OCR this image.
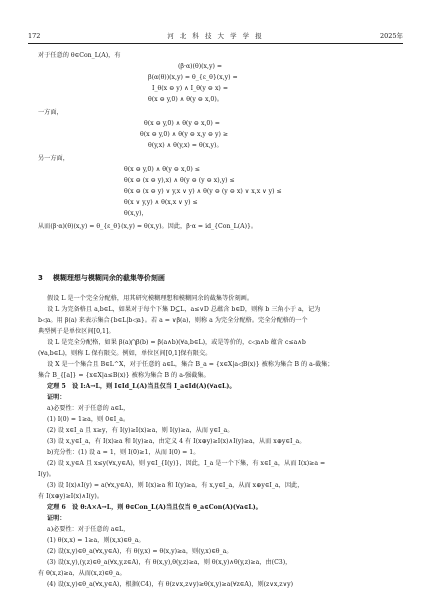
172	河 北 科 技 大 学 学 报	2025年
3 模糊理想与模糊同余的截集等价刻画
对于任意的 θ∈Con_L(A)，有
(β·α)(θ)(x,y) =
β(α(θ))(x,y) = θ_{ε_θ}(x,y) =
I_θ(x ⊖ y) ∧ I_θ(y ⊖ x) =
θ(x ⊖ y,0) ∧ θ(y ⊖ x,0)。
一方面，
θ(x ⊖ y,0) ∧ θ(y ⊖ x,0) =
θ(x ⊖ y,0) ∧ θ(y ⊖ x,y ⊖ y) ≥
θ(y,x) ∧ θ(y,x) = θ(x,y)。
另一方面，
θ(x ⊖ y,0) ∧ θ(y ⊖ x,0) ≤
θ(x ⊖ (x ⊖ y),x) ∧ θ(y ⊖ (y ⊖ x),y) ≤
θ(x ⊖ (x ⊖ y) ∨ y,x ∨ y) ∧ θ(y ⊖ (y ⊖ x) ∨ x,x ∨ y) ≤
θ(x ∨ y,y) ∧ θ(x,x ∨ y) ≤
θ(x,y)，
从而(β·α)(θ)(x,y) = θ_{ε_θ}(x,y) = θ(x,y)。因此，β·α = id_{Con_L(A)}。
假设 L 是一个完全分配格，用其研究模糊理想和模糊同余的截集等价刻画。
设 L 为完备格且 a,b∈L，如果对于每个下集 D⊆L，a≤∨D 总蕴含 b∈D，则称 b 三角小于 a，记为
b◁a。用 β(a) 来表示集合{b∈L|b◁a}。若 a = ∨β(a)，则称 a 为完全分配格。完全分配格的一个
典型例子是单位区间[0,1]。
设 L 是完全分配格，如果 β(a)⋂β(b) = β(a∧b)(∀a,b∈L)，或是等价的，c◁a∧b 蕴含 c≤a∧b
(∀a,b∈L)，则称 L 保有限交。例如，单位区间[0,1]保有限交。
设 X 是一个集合且 B∈L^X，对于任意的 a∈L，集合 B_a = {x∈X|a◁B(x)} 被称为集合 B 的 a-截集；
集合 B_{[a]} = {x∈X|a≤B(x)} 被称为集合 B 的 a-强截集。
定理 5　设 I:A→L，则 I∈Id_L(A)当且仅当 I_a∈Id(A)(∀a∈L)。
证明：
a)必要性：对于任意的 a∈L，
(1) I(0) = 1≥a，则 0∈I_a。
(2) 设 x∈I_a 且 x≥y，有 I(y)≥I(x)≥a，则 I(y)≥a，从而 y∈I_a。
(3) 设 x,y∈I_a，有 I(x)≥a 和 I(y)≥a，由定义 4 有 I(x⊕y)≥I(x)∧I(y)≥a，从而 x⊕y∈I_a。
b)充分性：(1) 设 a = 1，则 I(0)≥1，从而 I(0) = 1。
(2) 设 x,y∈A 且 x≤y(∀x,y∈A)，则 y∈I_{I(y)}，因此，I_a 是一个下集，有 x∈I_a，从而 I(x)≥a =
I(y)。
(3) 设 I(x)∧I(y) = a(∀x,y∈A)，则 I(x)≥a 和 I(y)≥a，有 x,y∈I_a，从而 x⊕y∈I_a，因此，
有 I(x⊕y)≥I(x)∧I(y)。
定理 6　设 θ:A×A→L，则 θ∈Con_L(A)当且仅当 θ_a∈Con(A)(∀a∈L)。
证明：
a)必要性：对于任意的 a∈L，
(1) θ(x,x) = 1≥a，则(x,x)∈θ_a。
(2) 设(x,y)∈θ_a(∀x,y∈A)，有 θ(y,x) = θ(x,y)≥a，则(y,x)∈θ_a。
(3) 设(x,y),(y,z)∈θ_a(∀x,y,z∈A)，有 θ(x,y),θ(y,z)≥a，则 θ(x,y)∧θ(y,z)≥a，由(C3)，
有 θ(x,z)≥a，从而(x,z)∈θ_a。
(4) 设(x,y)∈θ_a(∀x,y∈A)，根据(C4)，有 θ(z∨x,z∨y)≥θ(x,y)≥a(∀z∈A)，则(z∨x,z∨y)
